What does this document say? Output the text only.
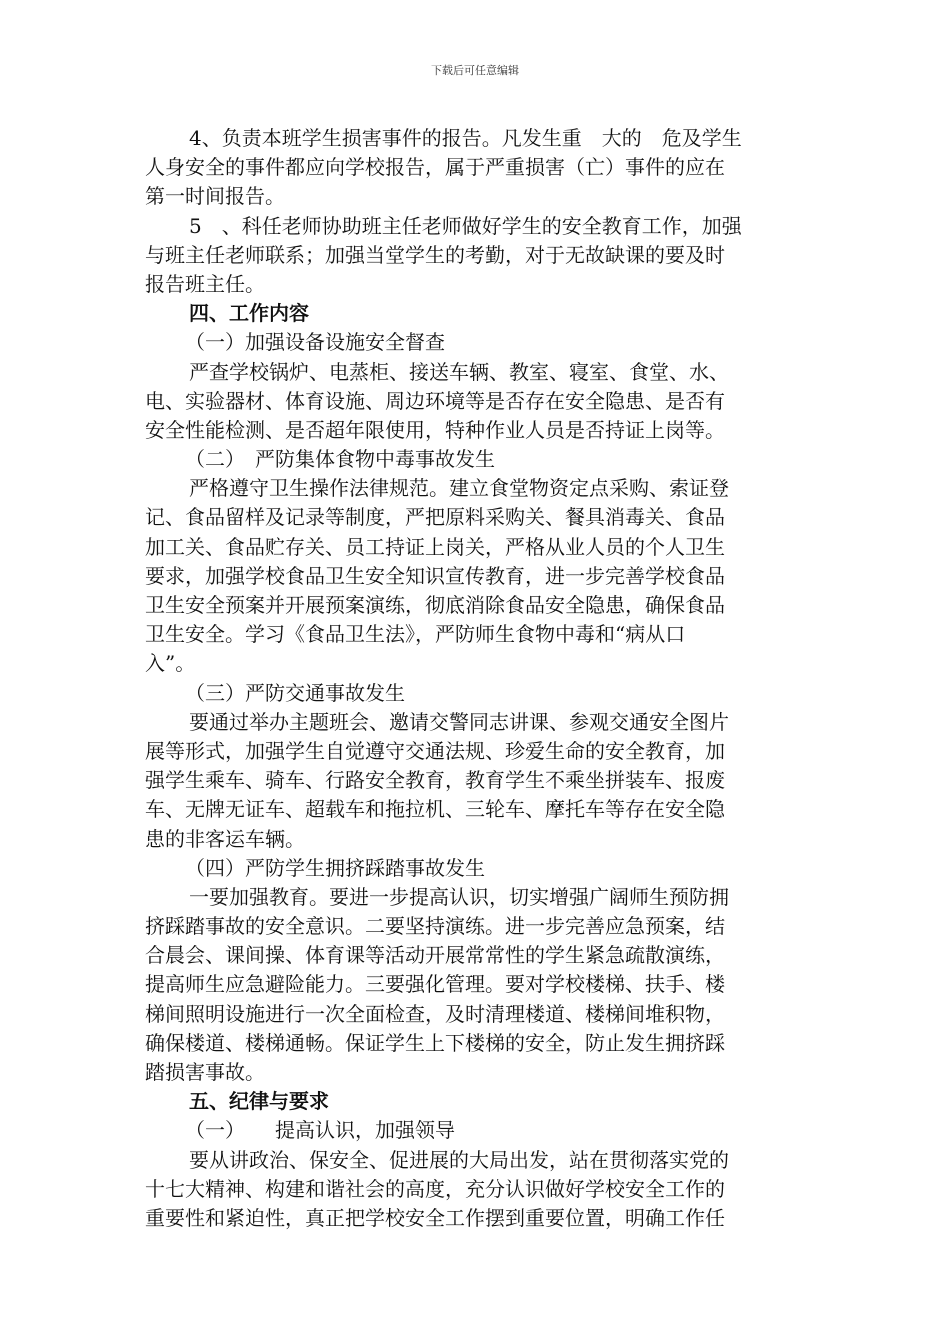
下载后可任意编辑
4、负责本班学生损害事件的报告。凡发生重　大的　危及学生
人身安全的事件都应向学校报告，属于严重损害（亡）事件的应在
第一时间报告。
5　、科任老师协助班主任老师做好学生的安全教育工作，加强
与班主任老师联系；加强当堂学生的考勤，对于无故缺课的要及时
报告班主任。
四、工作内容
（一）加强设备设施安全督查
严查学校锅炉、电蒸柜、接送车辆、教室、寝室、食堂、水、
电、实验器材、体育设施、周边环境等是否存在安全隐患、是否有
安全性能检测、是否超年限使用，特种作业人员是否持证上岗等。
（二）　严防集体食物中毒事故发生
严格遵守卫生操作法律规范。建立食堂物资定点采购、索证登
记、食品留样及记录等制度，严把原料采购关、餐具消毒关、食品
加工关、食品贮存关、员工持证上岗关，严格从业人员的个人卫生
要求，加强学校食品卫生安全知识宣传教育，进一步完善学校食品
卫生安全预案并开展预案演练，彻底消除食品安全隐患，确保食品
卫生安全。学习《食品卫生法》，严防师生食物中毒和“病从口
入”。
（三）严防交通事故发生
要通过举办主题班会、邀请交警同志讲课、参观交通安全图片
展等形式，加强学生自觉遵守交通法规、珍爱生命的安全教育，加
强学生乘车、骑车、行路安全教育，教育学生不乘坐拼装车、报废
车、无牌无证车、超载车和拖拉机、三轮车、摩托车等存在安全隐
患的非客运车辆。
（四）严防学生拥挤踩踏事故发生
一要加强教育。要进一步提高认识，切实增强广阔师生预防拥
挤踩踏事故的安全意识。二要坚持演练。进一步完善应急预案，结
合晨会、课间操、体育课等活动开展常常性的学生紧急疏散演练，
提高师生应急避险能力。三要强化管理。要对学校楼梯、扶手、楼
梯间照明设施进行一次全面检查，及时清理楼道、楼梯间堆积物，
确保楼道、楼梯通畅。保证学生上下楼梯的安全，防止发生拥挤踩
踏损害事故。
五、纪律与要求
（一）　　提高认识，加强领导
要从讲政治、保安全、促进展的大局出发，站在贯彻落实党的
十七大精神、构建和谐社会的高度，充分认识做好学校安全工作的
重要性和紧迫性，真正把学校安全工作摆到重要位置，明确工作任
